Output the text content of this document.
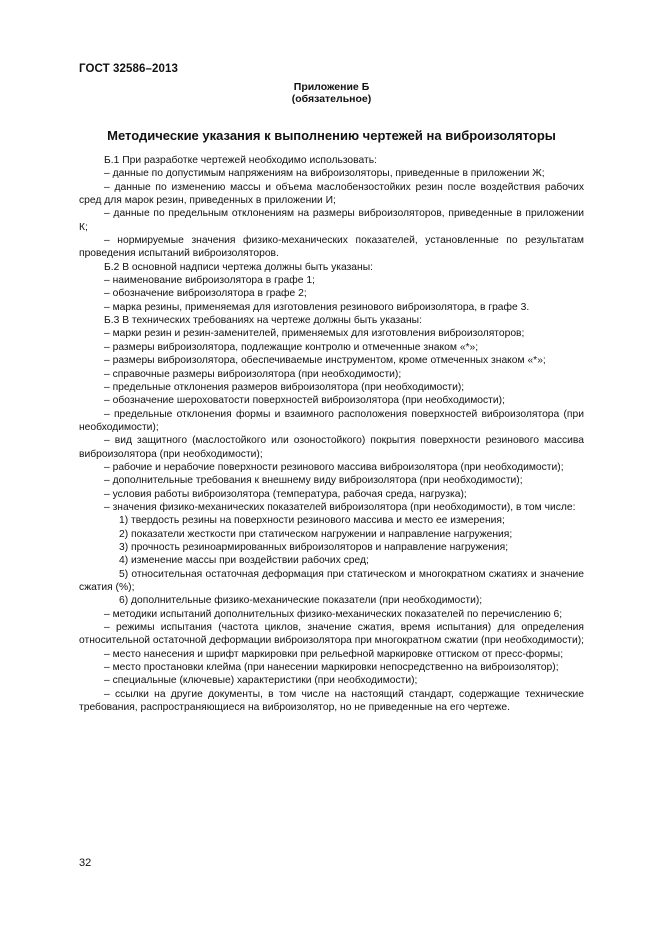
ГОСТ 32586–2013
Приложение Б
(обязательное)
Методические указания к выполнению чертежей на виброизоляторы

Б.1 При разработке чертежей необходимо использовать:

– данные по допустимым напряжениям на виброизоляторы, приведенные в приложении Ж;

– данные по изменению массы и объема маслобензостойких резин после воздействия рабочих сред для марок резин, приведенных в приложении И;

– данные по предельным отклонениям на размеры виброизоляторов, приведенные в приложении К;

– нормируемые значения физико-механических показателей, установленные по результатам проведения испытаний виброизоляторов.

Б.2 В основной надписи чертежа должны быть указаны:

– наименование виброизолятора в графе 1;

– обозначение виброизолятора в графе 2;

– марка резины, применяемая для изготовления резинового виброизолятора, в графе 3.

Б.3 В технических требованиях на чертеже должны быть указаны:

– марки резин и резин-заменителей, применяемых для изготовления виброизоляторов;

– размеры виброизолятора, подлежащие контролю и отмеченные знаком «*»;

– размеры виброизолятора, обеспечиваемые инструментом, кроме отмеченных знаком «*»;

– справочные размеры виброизолятора (при необходимости);

– предельные отклонения размеров виброизолятора (при необходимости);

– обозначение шероховатости поверхностей виброизолятора (при необходимости);

– предельные отклонения формы и взаимного расположения поверхностей виброизолятора (при необходимости);

– вид защитного (маслостойкого или озоностойкого) покрытия поверхности резинового массива виброизолятора (при необходимости);

– рабочие и нерабочие поверхности резинового массива виброизолятора (при необходимости);

– дополнительные требования к внешнему виду виброизолятора (при необходимости);

– условия работы виброизолятора (температура, рабочая среда, нагрузка);

– значения физико-механических показателей виброизолятора (при необходимости), в том числе:

1) твердость резины на поверхности резинового массива и место ее измерения;

2) показатели жесткости при статическом нагружении и направление нагружения;

3) прочность резиноармированных виброизоляторов и направление нагружения;

4) изменение массы при воздействии рабочих сред;

5) относительная остаточная деформация при статическом и многократном сжатиях и значение сжатия (%);

6) дополнительные физико-механические показатели (при необходимости);

– методики испытаний дополнительных физико-механических показателей по перечислению 6;

– режимы испытания (частота циклов, значение сжатия, время испытания) для определения относительной остаточной деформации виброизолятора при многократном сжатии (при необходимости);

– место нанесения и шрифт маркировки при рельефной маркировке оттиском от пресс-формы;

– место простановки клейма (при нанесении маркировки непосредственно на виброизолятор);

– специальные (ключевые) характеристики (при необходимости);

– ссылки на другие документы, в том числе на настоящий стандарт, содержащие технические требования, распространяющиеся на виброизолятор, но не приведенные на его чертеже.

32
